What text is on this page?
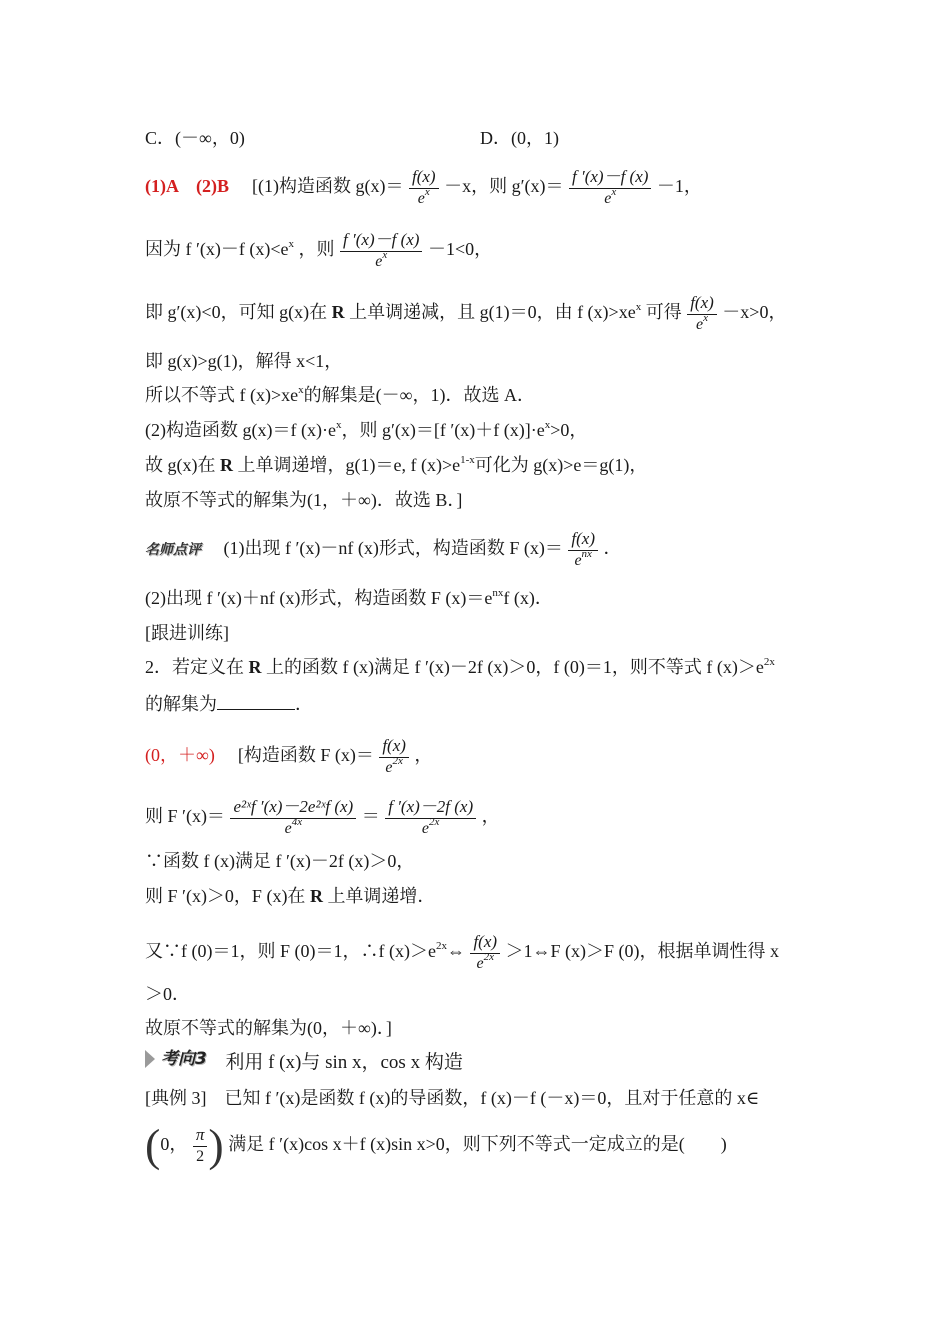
C．(－∞，0)	D．(0，1)
(1)A　(2)B [(1)构造函数 $g(x)= \frac{f(x)}{e^x} -x$，则 $g'(x)= \frac{f '(x)-f (x)}{e^x} -1$，
因为 f ′(x)－f $(x)<e^x$ ，则 $\frac{f '(x)-f (x)}{e^x} -1<0$，
即 g′(x)<0，可知 g(x)在 R 上单调递减，且 g(1)＝0，由 f $(x)>xe^x$ 可得 $\frac{f(x)}{e^x} -x>0$，
即 g(x)>g(1)，解得 x<1，
所以不等式 f $(x)>xe^x$的解集是(－∞，1)．故选 A．
(2)构造函数 g(x)＝f $(x)\cdot e^x$，则 g′(x)＝[f ′(x)＋f $(x)]\cdot e^x>0$，
故 g(x)在 R 上单调递增，g(1)＝e, f $(x)>e^{1-x}$可化为 g(x)>e＝g(1)，
故原不等式的解集为(1，＋∞)．故选 B．]
名师点评 (1)出现 f ′(x)－nf (x)形式，构造函数 F $(x)= \frac{f(x)}{e^{nx}}$ ．
(2)出现 f ′(x)＋nf (x)形式，构造函数 F $(x)=e^{nx}f$ (x)．
[跟进训练]
2．若定义在 R 上的函数 f (x)满足 f ′(x)－2f (x)＞0，f (0)＝1，则不等式 f $(x)>e^{2x}$
的解集为	．
(0，＋∞) [构造函数 F $(x)= \frac{f(x)}{e^{2x}}$ ，
则 F $'(x)= \frac{\text{e²ˣf ′(x)－2e²ˣf (x)}}{e^{4x}} = \frac{f '(x)-2f (x)}{e^{2x}}$ ，
∵函数 f (x)满足 f ′(x)－2f (x)＞0，
则 F ′(x)＞0，F (x)在 R 上单调递增．
又∵f (0)＝1，则 F (0)＝1，∴f $(x)>e^{2x}\Leftrightarrow \frac{f(x)}{e^{2x}}$ ＞1⇔F (x)＞F (0)，根据单调性得 x
＞0．
故原不等式的解集为(0，＋∞)．]
考向3 利用 f (x)与 sin x，cos x 构造
[典例 3]　已知 f ′(x)是函数 f (x)的导函数，f (x)－f (－x)＝0，且对于任意的 x∈
(0， $\frac{\pi}{2}$ ) 满足 f ′(x)cos x＋f (x)sin x>0，则下列不等式一定成立的是(　　)
